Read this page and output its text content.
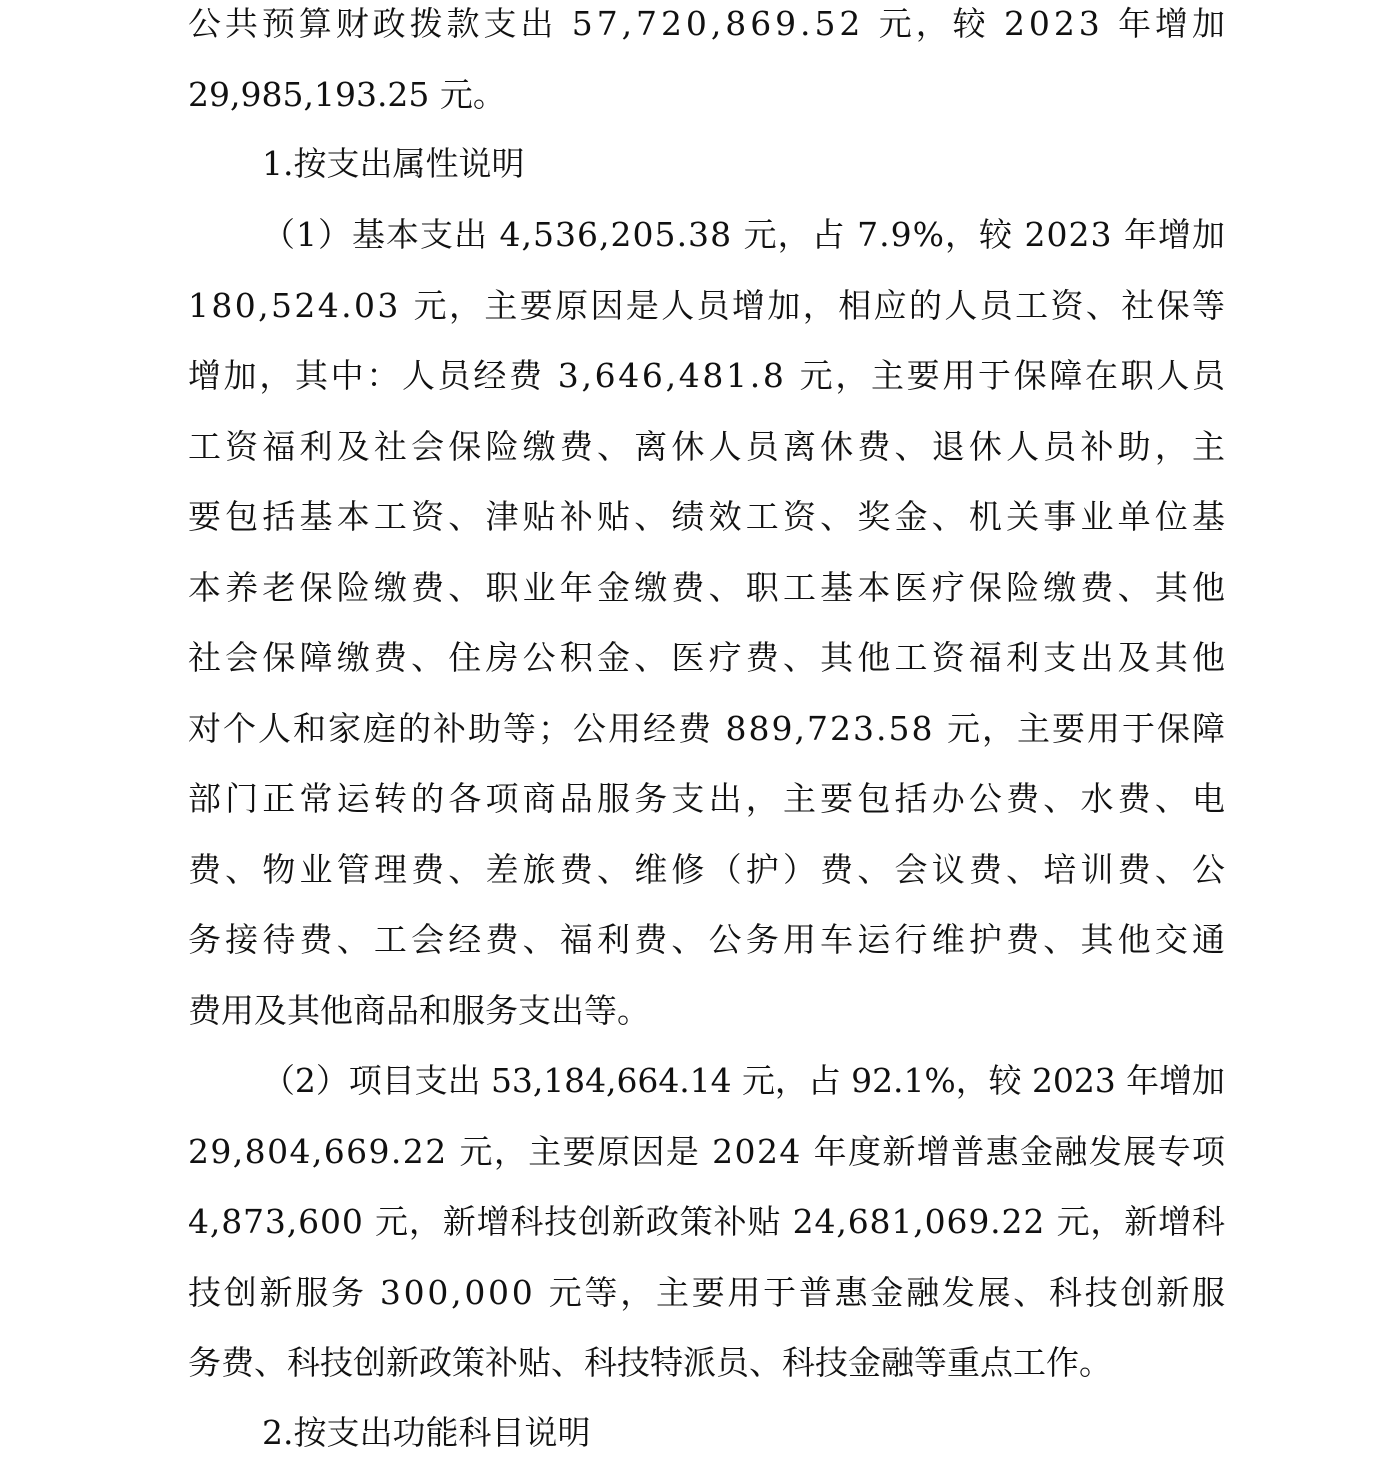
公共预算财政拨款支出 57,720,869.52 元，较 2023 年增加
29,985,193.25 元。
1.按支出属性说明
（1）基本支出 4,536,205.38 元，占 7.9%，较 2023 年增加
180,524.03 元，主要原因是人员增加，相应的人员工资、社保等
增加，其中：人员经费 3,646,481.8 元，主要用于保障在职人员
工资福利及社会保险缴费、离休人员离休费、退休人员补助，主
要包括基本工资、津贴补贴、绩效工资、奖金、机关事业单位基
本养老保险缴费、职业年金缴费、职工基本医疗保险缴费、其他
社会保障缴费、住房公积金、医疗费、其他工资福利支出及其他
对个人和家庭的补助等；公用经费 889,723.58 元，主要用于保障
部门正常运转的各项商品服务支出，主要包括办公费、水费、电
费、物业管理费、差旅费、维修（护）费、会议费、培训费、公
务接待费、工会经费、福利费、公务用车运行维护费、其他交通
费用及其他商品和服务支出等。
（2）项目支出 53,184,664.14 元，占 92.1%，较 2023 年增加
29,804,669.22 元，主要原因是 2024 年度新增普惠金融发展专项
4,873,600 元，新增科技创新政策补贴 24,681,069.22 元，新增科
技创新服务 300,000 元等，主要用于普惠金融发展、科技创新服
务费、科技创新政策补贴、科技特派员、科技金融等重点工作。
2.按支出功能科目说明
